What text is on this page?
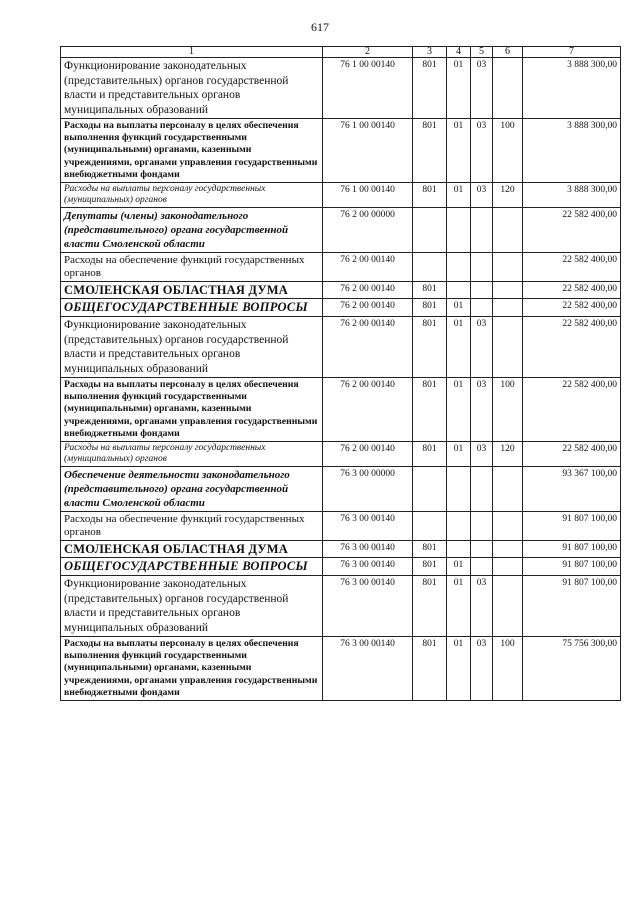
617
1	2	3	4	5	6	7
Функционирование законодательных (представительных) органов государственной власти и представительных органов муниципальных образований	76 1 00 00140	801	01	03		3 888 300,00
Расходы на выплаты персоналу в целях обеспечения выполнения функций государственными (муниципальными) органами, казенными учреждениями, органами управления государственными внебюджетными фондами	76 1 00 00140	801	01	03	100	3 888 300,00
Расходы на выплаты персоналу государственных (муниципальных) органов	76 1 00 00140	801	01	03	120	3 888 300,00
Депутаты (члены) законодательного (представительного) органа государственной власти Смоленской области	76 2 00 00000					22 582 400,00
Расходы на обеспечение функций государственных органов	76 2 00 00140					22 582 400,00
СМОЛЕНСКАЯ ОБЛАСТНАЯ ДУМА	76 2 00 00140	801				22 582 400,00
ОБЩЕГОСУДАРСТВЕННЫЕ ВОПРОСЫ	76 2 00 00140	801	01			22 582 400,00
Функционирование законодательных (представительных) органов государственной власти и представительных органов муниципальных образований	76 2 00 00140	801	01	03		22 582 400,00
Расходы на выплаты персоналу в целях обеспечения выполнения функций государственными (муниципальными) органами, казенными учреждениями, органами управления государственными внебюджетными фондами	76 2 00 00140	801	01	03	100	22 582 400,00
Расходы на выплаты персоналу государственных (муниципальных) органов	76 2 00 00140	801	01	03	120	22 582 400,00
Обеспечение деятельности законодательного (представительного) органа государственной власти Смоленской области	76 3 00 00000					93 367 100,00
Расходы на обеспечение функций государственных органов	76 3 00 00140					91 807 100,00
СМОЛЕНСКАЯ ОБЛАСТНАЯ ДУМА	76 3 00 00140	801				91 807 100,00
ОБЩЕГОСУДАРСТВЕННЫЕ ВОПРОСЫ	76 3 00 00140	801	01			91 807 100,00
Функционирование законодательных (представительных) органов государственной власти и представительных органов муниципальных образований	76 3 00 00140	801	01	03		91 807 100,00
Расходы на выплаты персоналу в целях обеспечения выполнения функций государственными (муниципальными) органами, казенными учреждениями, органами управления государственными внебюджетными фондами	76 3 00 00140	801	01	03	100	75 756 300,00
